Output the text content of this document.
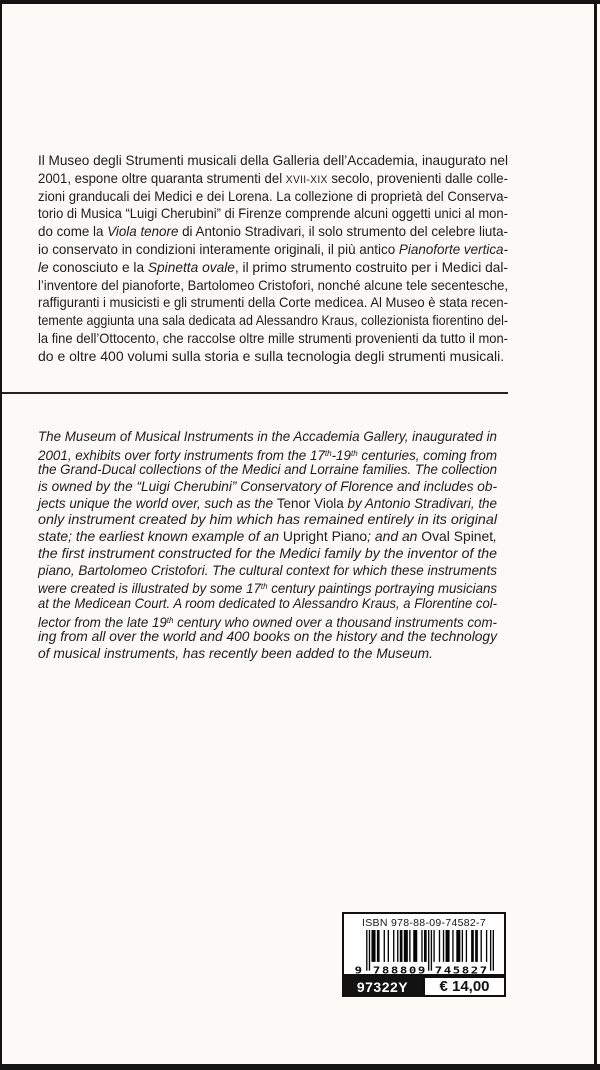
Il Museo degli Strumenti musicali della Galleria dell’Accademia, inaugurato nel
2001, espone oltre quaranta strumenti del XVII-XIX secolo, provenienti dalle colle-
zioni granducali dei Medici e dei Lorena. La collezione di proprietà del Conserva-
torio di Musica “Luigi Cherubini” di Firenze comprende alcuni oggetti unici al mon-
do come la Viola tenore di Antonio Stradivari, il solo strumento del celebre liuta-
io conservato in condizioni interamente originali, il più antico Pianoforte vertica-
le conosciuto e la Spinetta ovale, il primo strumento costruito per i Medici dal-
l’inventore del pianoforte, Bartolomeo Cristofori, nonché alcune tele secentesche,
raffiguranti i musicisti e gli strumenti della Corte medicea. Al Museo è stata recen-
temente aggiunta una sala dedicata ad Alessandro Kraus, collezionista fiorentino del-
la fine dell’Ottocento, che raccolse oltre mille strumenti provenienti da tutto il mon-
do e oltre 400 volumi sulla storia e sulla tecnologia degli strumenti musicali.
The Museum of Musical Instruments in the Accademia Gallery, inaugurated in
2001, exhibits over forty instruments from the 17th-19th centuries, coming from
the Grand-Ducal collections of the Medici and Lorraine families. The collection
is owned by the “Luigi Cherubini” Conservatory of Florence and includes ob-
jects unique the world over, such as the Tenor Viola by Antonio Stradivari, the
only instrument created by him which has remained entirely in its original
state; the earliest known example of an Upright Piano; and an Oval Spinet,
the first instrument constructed for the Medici family by the inventor of the
piano, Bartolomeo Cristofori. The cultural context for which these instruments
were created is illustrated by some 17th century paintings portraying musicians
at the Medicean Court. A room dedicated to Alessandro Kraus, a Florentine col-
lector from the late 19th century who owned over a thousand instruments com-
ing from all over the world and 400 books on the history and the technology
of musical instruments, has recently been added to the Museum.
ISBN 978-88-09-74582-7
9 788809 745827
97322Y	€ 14,00
